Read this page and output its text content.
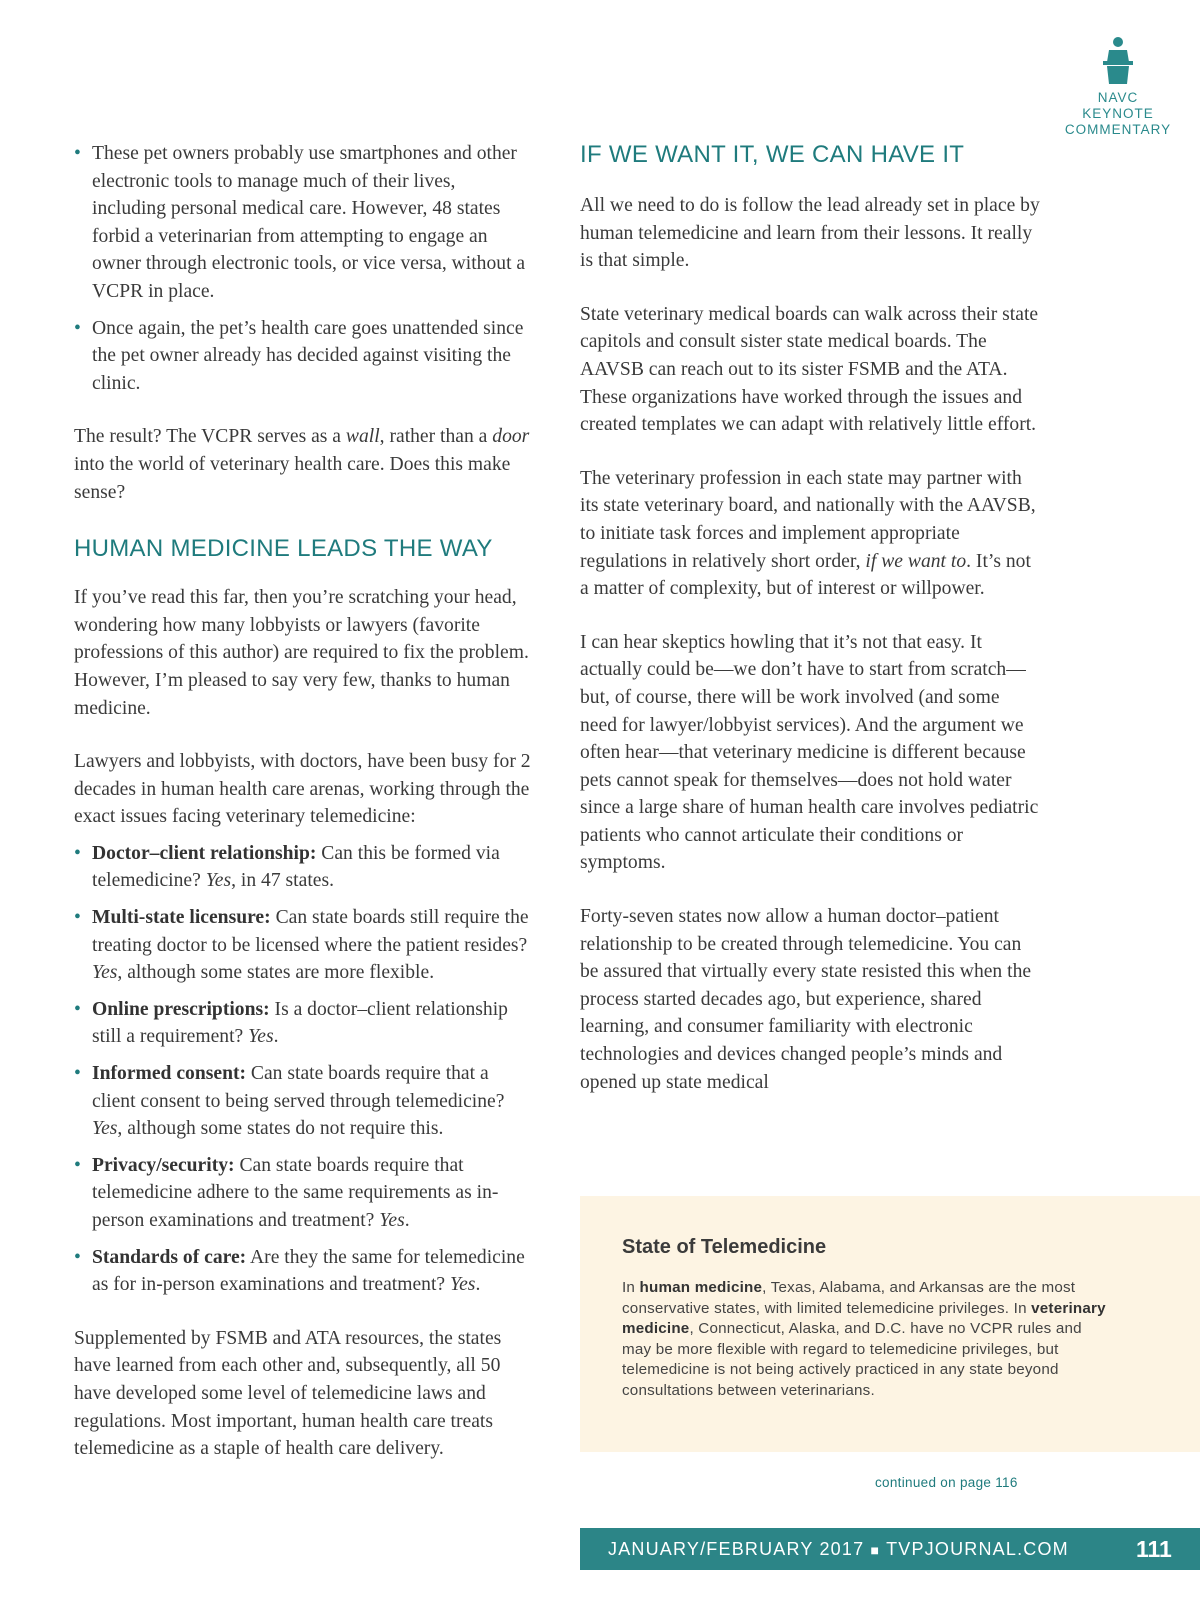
NAVC
KEYNOTE
COMMENTARY
• These pet owners probably use smartphones and other electronic tools to manage much of their lives, including personal medical care. However, 48 states forbid a veterinarian from attempting to engage an owner through electronic tools, or vice versa, without a VCPR in place.
• Once again, the pet’s health care goes unattended since the pet owner already has decided against visiting the clinic.

The result? The VCPR serves as a wall, rather than a door into the world of veterinary health care. Does this make sense?

HUMAN MEDICINE LEADS THE WAY

If you’ve read this far, then you’re scratching your head, wondering how many lobbyists or lawyers (favorite professions of this author) are required to fix the problem. However, I’m pleased to say very few, thanks to human medicine.

Lawyers and lobbyists, with doctors, have been busy for 2 decades in human health care arenas, working through the exact issues facing veterinary telemedicine:

• Doctor–client relationship: Can this be formed via telemedicine? Yes, in 47 states.
• Multi-state licensure: Can state boards still require the treating doctor to be licensed where the patient resides? Yes, although some states are more flexible.
• Online prescriptions: Is a doctor–client relationship still a requirement? Yes.
• Informed consent: Can state boards require that a client consent to being served through telemedicine? Yes, although some states do not require this.
• Privacy/security: Can state boards require that telemedicine adhere to the same requirements as in-person examinations and treatment? Yes.
• Standards of care: Are they the same for telemedicine as for in-person examinations and treatment? Yes.

Supplemented by FSMB and ATA resources, the states have learned from each other and, subsequently, all 50 have developed some level of telemedicine laws and regulations. Most important, human health care treats telemedicine as a staple of health care delivery.

IF WE WANT IT, WE CAN HAVE IT

All we need to do is follow the lead already set in place by human telemedicine and learn from their lessons. It really is that simple.

State veterinary medical boards can walk across their state capitols and consult sister state medical boards. The AAVSB can reach out to its sister FSMB and the ATA. These organizations have worked through the issues and created templates we can adapt with relatively little effort.

The veterinary profession in each state may partner with its state veterinary board, and nationally with the AAVSB, to initiate task forces and implement appropriate regulations in relatively short order, if we want to. It’s not a matter of complexity, but of interest or willpower.

I can hear skeptics howling that it’s not that easy. It actually could be—we don’t have to start from scratch—but, of course, there will be work involved (and some need for lawyer/lobbyist services). And the argument we often hear—that veterinary medicine is different because pets cannot speak for themselves—does not hold water since a large share of human health care involves pediatric patients who cannot articulate their conditions or symptoms.

Forty-seven states now allow a human doctor–patient relationship to be created through telemedicine. You can be assured that virtually every state resisted this when the process started decades ago, but experience, shared learning, and consumer familiarity with electronic technologies and devices changed people’s minds and opened up state medical

State of Telemedicine
In human medicine, Texas, Alabama, and Arkansas are the most conservative states, with limited telemedicine privileges. In veterinary medicine, Connecticut, Alaska, and D.C. have no VCPR rules and may be more flexible with regard to telemedicine privileges, but telemedicine is not being actively practiced in any state beyond consultations between veterinarians.
continued on page 116
JANUARY/FEBRUARY 2017 ■ TVPJOURNAL.COM	111
